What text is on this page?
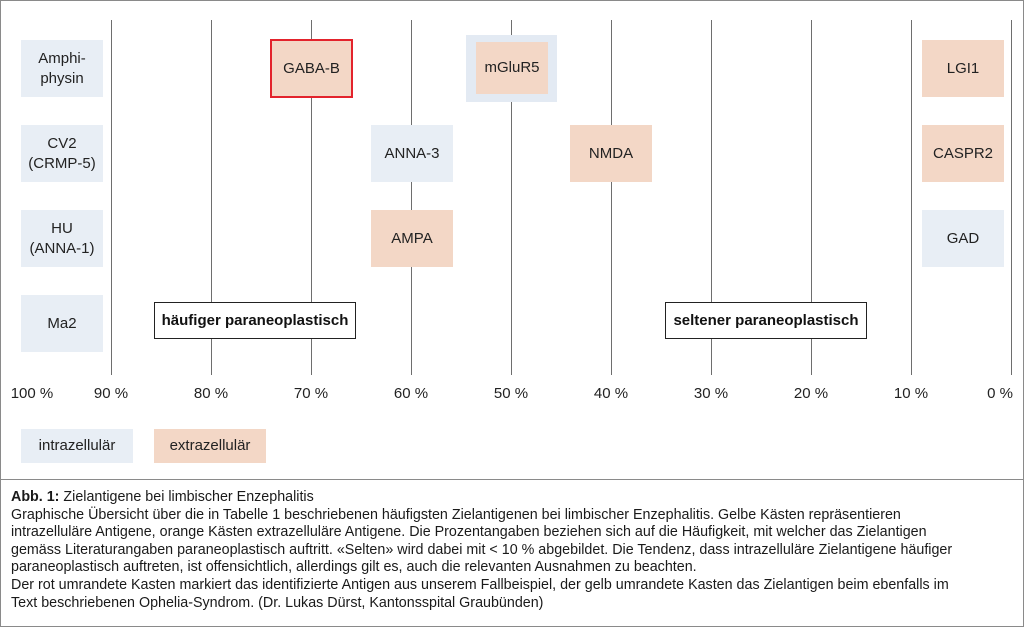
100 %	90 %	80 %	70 %	60 %	50 %	40 %	30 %	20 %	10 %	0 %
Amphi-
physin
CV2
(CRMP-5)
HU
(ANNA-1)
Ma2
GABA-B	mGluR5	LGI1
ANNA-3	NMDA	CASPR2
AMPA	GAD
häufiger paraneoplastisch	seltener paraneoplastisch
intrazellulär	extrazellulär
Abb. 1: Zielantigene bei limbischer Enzephalitis
Graphische Übersicht über die in Tabelle 1 beschriebenen häufigsten Zielantigenen bei limbischer Enzephalitis. Gelbe Kästen repräsentieren
intrazelluläre Antigene, orange Kästen extrazelluläre Antigene. Die Prozentangaben beziehen sich auf die Häufigkeit, mit welcher das Zielantigen
gemäss Literaturangaben paraneoplastisch auftritt. «Selten» wird dabei mit < 10 % abgebildet. Die Tendenz, dass intrazelluläre Zielantigene häufiger
paraneoplastisch auftreten, ist offensichtlich, allerdings gilt es, auch die relevanten Ausnahmen zu beachten.
Der rot umrandete Kasten markiert das identifizierte Antigen aus unserem Fallbeispiel, der gelb umrandete Kasten das Zielantigen beim ebenfalls im
Text beschriebenen Ophelia-Syndrom. (Dr. Lukas Dürst, Kantonsspital Graubünden)
